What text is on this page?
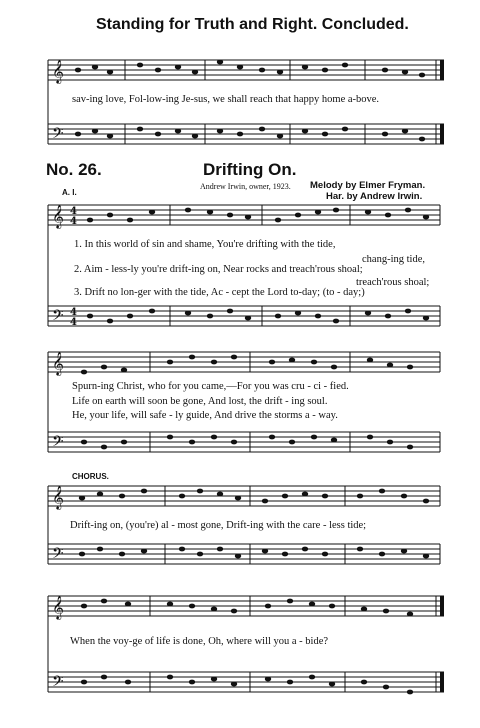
Standing for Truth and Right. Concluded.
𝄞
𝄢
sav-ing love, Fol-low-ing Je-sus, we shall reach that happy home a-bove.
No. 26.	Drifting On.
Andrew Irwin, owner, 1923. Melody by Elmer Fryman.
Har. by Andrew Irwin.
A. I.
𝄞 4
4
𝄢 4
4
1. In this world of sin and shame, You're drifting with the tide,
chang-ing tide,
2. Aim - less-ly you're drift-ing on, Near rocks and treach'rous shoal;
treach'rous shoal;
3. Drift no lon-ger with the tide, Ac - cept the Lord to-day; (to - day;)
𝄞
𝄢
Spurn-ing Christ, who for you came,—For you was cru - ci - fied.
Life on earth will soon be gone, And lost, the drift - ing soul.
He, your life, will safe - ly guide, And drive the storms a - way.
CHORUS.
𝄞
𝄢
Drift-ing on, (you're) al - most gone, Drift-ing with the care - less tide;
𝄞
𝄢
When the voy-ge of life is done, Oh, where will you a - bide?
